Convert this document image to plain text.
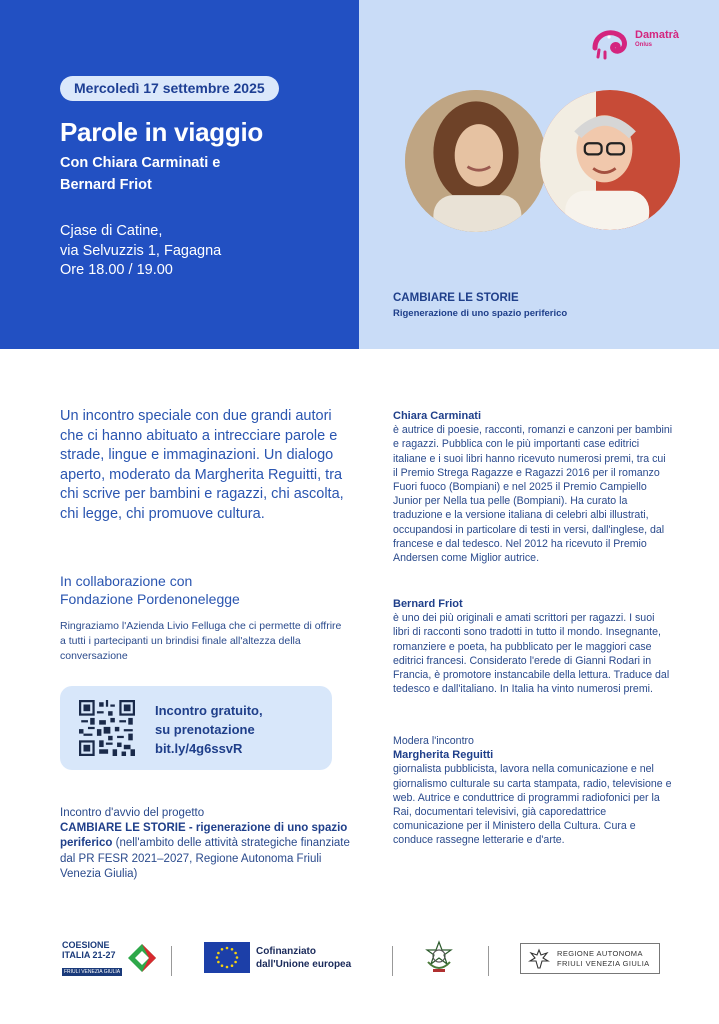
Mercoledì 17 settembre 2025
Parole in viaggio
Con Chiara Carminati e
Bernard Friot
Cjase di Catine,
via Selvuzzis 1, Fagagna
Ore 18.00 / 19.00
Damatrà
Onlus
CAMBIARE LE STORIE
Rigenerazione di uno spazio periferico
Un incontro speciale con due grandi autori che ci hanno abituato a intrecciare parole e strade, lingue e immaginazioni. Un dialogo aperto, moderato da Margherita Reguitti, tra chi scrive per bambini e ragazzi, chi ascolta, chi legge, chi promuove cultura.
In collaborazione con
Fondazione Pordenonelegge
Ringraziamo l'Azienda Livio Felluga che ci permette di offrire a tutti i partecipanti un brindisi finale all'altezza della conversazione
Incontro gratuito,
su prenotazione
bit.ly/4g6ssvR
Incontro d'avvio del progetto
CAMBIARE LE STORIE - rigenerazione di uno spazio periferico (nell'ambito delle attività strategiche finanziate dal PR FESR 2021–2027, Regione Autonoma Friuli Venezia Giulia)
Chiara Carminati
è autrice di poesie, racconti, romanzi e canzoni per bambini e ragazzi. Pubblica con le più importanti case editrici italiane e i suoi libri hanno ricevuto numerosi premi, tra cui il Premio Strega Ragazze e Ragazzi 2016 per il romanzo Fuori fuoco (Bompiani) e nel 2025 il Premio Campiello Junior per Nella tua pelle (Bompiani). Ha curato la traduzione e la versione italiana di celebri albi illustrati, occupandosi in particolare di testi in versi, dall'inglese, dal francese e dal tedesco. Nel 2012 ha ricevuto il Premio Andersen come Miglior autrice.
Bernard Friot
è uno dei più originali e amati scrittori per ragazzi. I suoi libri di racconti sono tradotti in tutto il mondo. Insegnante, romanziere e poeta, ha pubblicato per le maggiori case editrici francesi. Considerato l'erede di Gianni Rodari in Francia, è promotore instancabile della lettura. Traduce dal tedesco e dall'italiano. In Italia ha vinto numerosi premi.
Modera l'incontro
Margherita Reguitti
giornalista pubblicista, lavora nella comunicazione e nel giornalismo culturale su carta stampata, radio, televisione e web. Autrice e conduttrice di programmi radiofonici per la Rai, documentari televisivi, già caporedattrice comunicazione per il Ministero della Cultura. Cura e conduce rassegne letterarie e d'arte.
COESIONE
ITALIA 21-27
FRIULI VENEZIA GIULIA
Cofinanziato
dall'Unione europea
REGIONE AUTONOMA
FRIULI VENEZIA GIULIA
